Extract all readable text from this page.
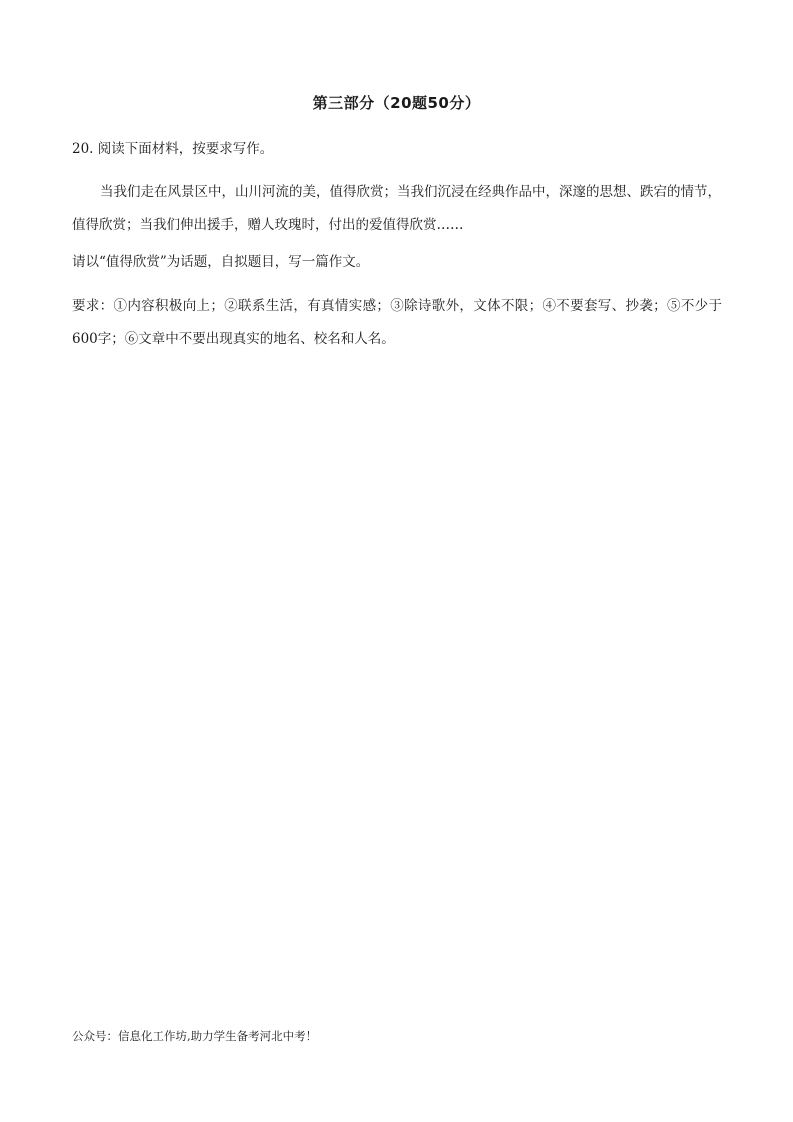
第三部分（20题50分）
20. 阅读下面材料，按要求写作。
当我们走在风景区中，山川河流的美，值得欣赏；当我们沉浸在经典作品中，深邃的思想、跌宕的情节，值得欣赏；当我们伸出援手，赠人玫瑰时，付出的爱值得欣赏……
请以“值得欣赏”为话题，自拟题目，写一篇作文。
要求：①内容积极向上；②联系生活，有真情实感；③除诗歌外，文体不限；④不要套写、抄袭；⑤不少于600字；⑥文章中不要出现真实的地名、校名和人名。
公众号：信息化工作坊,助力学生备考河北中考！
